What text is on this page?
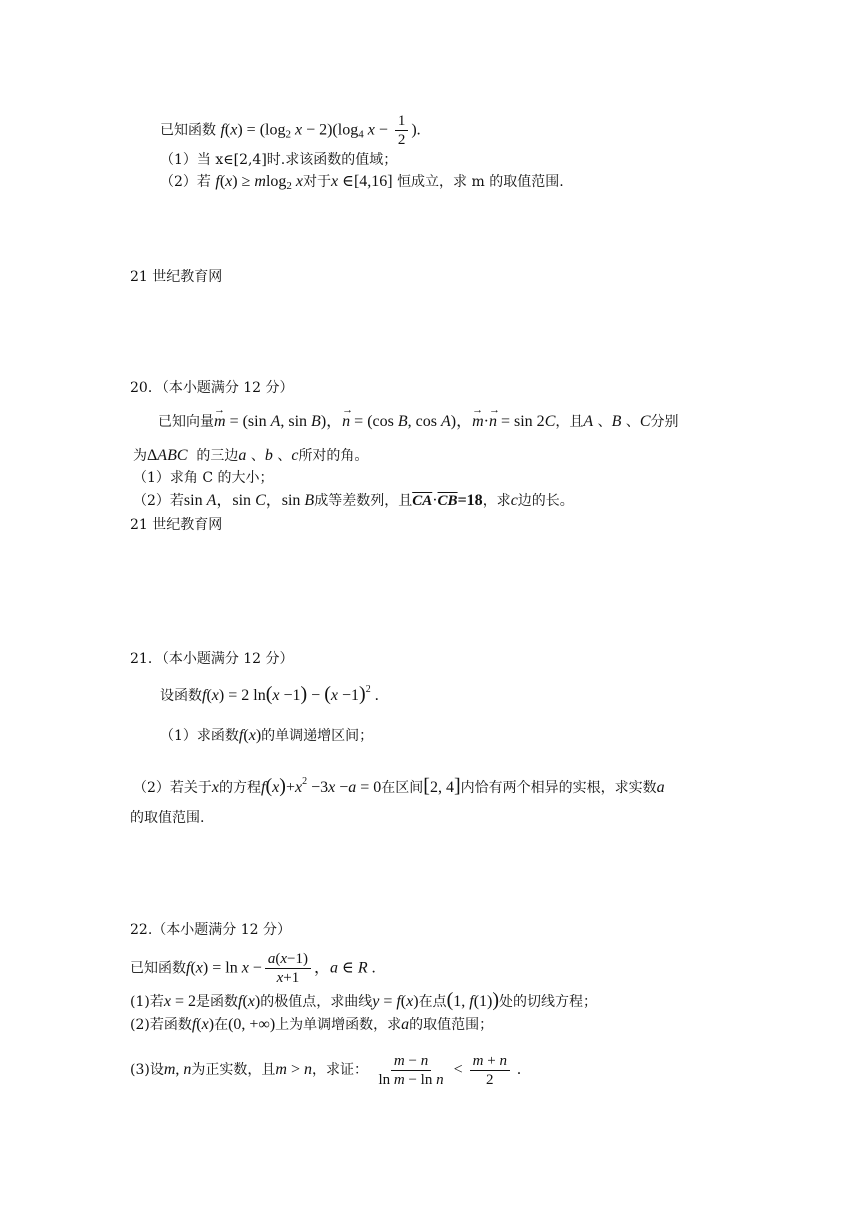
已知函数 $f(x) = (\log_2$ $x - 2)(\log_4$ $x - \frac{1}{2}$ ).
（1）当 x∈[2,4]时.求该函数的值域；
（2）若 f(x) ≥ mlog$_2$ x对于x ∈[4,16] 恒成立，求 m 的取值范围.
21 世纪教育网
20．（本小题满分 12 分）
已知向量→ m = (sin A, sin B)，→ n = (cos B, cos A)，→ m·→ n = sin 2C，且A 、B 、C分别
为ΔABC 的三边a 、b 、c所对的角。
（1）求角 C 的大小；
（2）若sin A，sin C，sin B成等差数列，且$\overline{CA}\cdot\overline{CB}=18$，求c边的长。
21 世纪教育网
21．（本小题满分 12 分）
设函数f(x) = 2 $\ln(x -1) - (x -1)^2$ .
（1）求函数f(x)的单调递增区间；
（2）若关于x的方程$f(x)+x^2 -3x -a = 0$在区间[2, 4]内恰有两个相异的实根，求实数a
的取值范围.
22.（本小题满分 12 分）
已知函数$f(x) = \ln x - \frac{a(x-1)}{x+1}$ ，a ∈ R .
(1)若x = 2是函数f(x)的极值点，求曲线y = f(x)在点(1, f(1))处的切线方程；
(2)若函数f(x)在(0, +∞)上为单调增函数，求a的取值范围；
(3)设m, n为正实数，且m > n，求证： $\frac{m - n}{\text{ln m − ln n}} < \frac{m + n}{2}$ .
